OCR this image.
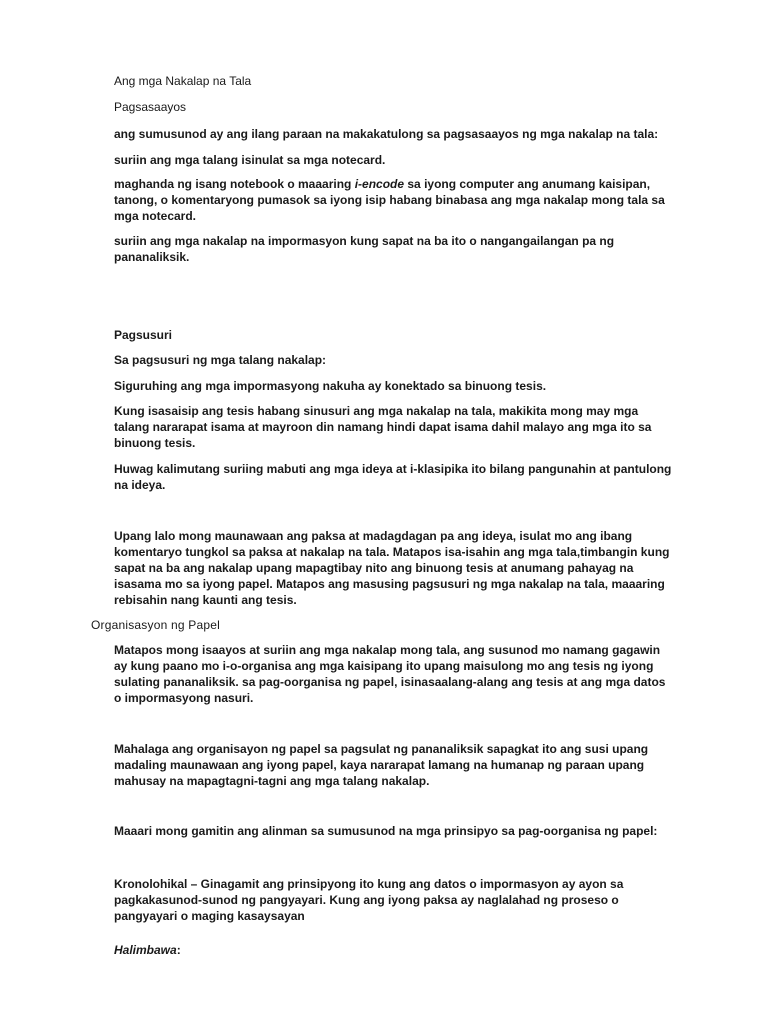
Ang mga Nakalap na Tala

Pagsasaayos

ang sumusunod ay ang ilang paraan na makakatulong sa pagsasaayos ng mga nakalap na tala:

suriin ang mga talang isinulat sa mga notecard.

maghanda ng isang notebook o maaaring i-encode sa iyong computer ang anumang kaisipan, tanong, o komentaryong pumasok sa iyong isip habang binabasa ang mga nakalap mong tala sa mga notecard.

suriin ang mga nakalap na impormasyon kung sapat na ba ito o nangangailangan pa ng pananaliksik.

Pagsusuri

Sa pagsusuri ng mga talang nakalap:

Siguruhing ang mga impormasyong nakuha ay konektado sa binuong tesis.

Kung isasaisip ang tesis habang sinusuri ang mga nakalap na tala, makikita mong may mga talang nararapat isama at mayroon din namang hindi dapat isama dahil malayo ang mga ito sa binuong tesis.

Huwag kalimutang suriing mabuti ang mga ideya at i-klasipika ito bilang pangunahin at pantulong na ideya.

Upang lalo mong maunawaan ang paksa at madagdagan pa ang ideya, isulat mo ang ibang komentaryo tungkol sa paksa at nakalap na tala. Matapos isa-isahin ang mga tala,timbangin kung sapat na ba ang nakalap upang mapagtibay nito ang binuong tesis at anumang pahayag na isasama mo sa iyong papel. Matapos ang masusing pagsusuri ng mga nakalap na tala, maaaring rebisahin nang kaunti ang tesis.

Organisasyon ng Papel

Matapos mong isaayos at suriin ang mga nakalap mong tala, ang susunod mo namang gagawin ay kung paano mo i-o-organisa ang mga kaisipang ito upang maisulong mo ang tesis ng iyong sulating pananaliksik. sa pag-oorganisa ng papel, isinasaalang-alang ang tesis at ang mga datos o impormasyong nasuri.

Mahalaga ang organisayon ng papel sa pagsulat ng pananaliksik sapagkat ito ang susi upang madaling maunawaan ang iyong papel, kaya nararapat lamang na humanap ng paraan upang mahusay na mapagtagni-tagni ang mga talang nakalap.

Maaari mong gamitin ang alinman sa sumusunod na mga prinsipyo sa pag-oorganisa ng papel:

Kronolohikal – Ginagamit ang prinsipyong ito kung ang datos o impormasyon ay ayon sa pagkakasunod-sunod ng pangyayari. Kung ang iyong paksa ay naglalahad ng proseso o pangyayari o maging kasaysayan

Halimbawa:
